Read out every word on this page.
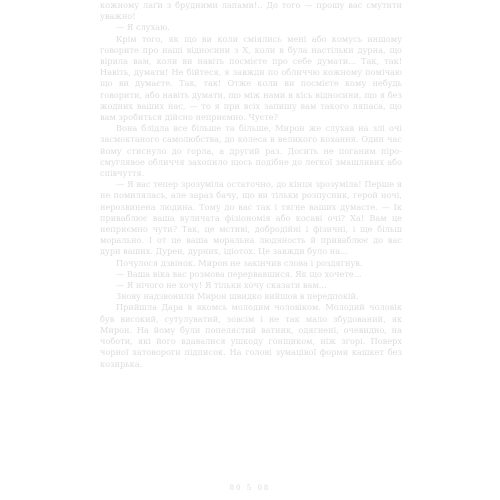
кожному лаґи з брудними лапами!.. До того — прошу вас смутити уважно!

— Я слухаю.

Крім того, як що ви коли сміялись мені або комусь иншому говорите про наші відносини з Х, коли в була настільки дурна, що вірила вам, коли ви навіть посмієте про себе думати... Так, так! Навіть, думати! Не бійтеся, я завжди по обличчю кожному помічаю що ви думаєте. Так, так! Отже коли ви посмієте кому небудь говорити, або навіть думати, що між нами в кісь відносини, що я без жодних ваших нас, — то я при всіх запишу вам такого ляпаса, що вам зробиться дійсно неприємно. Чуєте?

Вона блідла все більше та більше, Мирон же слухав на злі очі засмоктаного самолюбства, до колеса в великого кохання. Один час йому стиснуло до горла, а другий раз. Досить не поганим піро-смуглявое обличчя захопило щось подібне до легкої змашливих або співчуття.

— Я вас тепер зрозуміла остаточно, до кінця зрозуміла! Перше я не помилялась, але зараз бачу, що ви тільки розпусник, герой ночі, нерозвинена людина. Тому до вас так і тягне ваших думасте. — Ік приваблює ваша вуличата фізіономія або косаві очі? Ха! Вам це неприємно чути? Так, це мстиві, добродійні і фізичні, і ще більш морально. І от це ваша моральна людяность й приваблює до вас дурн ваших. Дурен, дурних, ідіотох. Це завжди було на...

Почулося дзвінок. Мирон не закінчив слова і роздягнув.

— Ваша віка вас розмова перервавшися. Як що хочете...

— Я нічого не хочу! Я тільки хочу сказати вам...

Знову надзвонили Мирон швидко вийшов в передпокій.

Прийшла Дара в якомсь молодим чоловіком. Молодий чоловік був високий, сутулуватий, зовсім і не так мало збудований, як Мирон. На йому були попелястий ватник, одягнені, очевидно, на чоботи, які його вдавалися ушкоду гонщиком, ніж згорі. Поверх чорної хатовороги підписок. На голові зумацівої форми кашкет без козирька.

80 5 08
